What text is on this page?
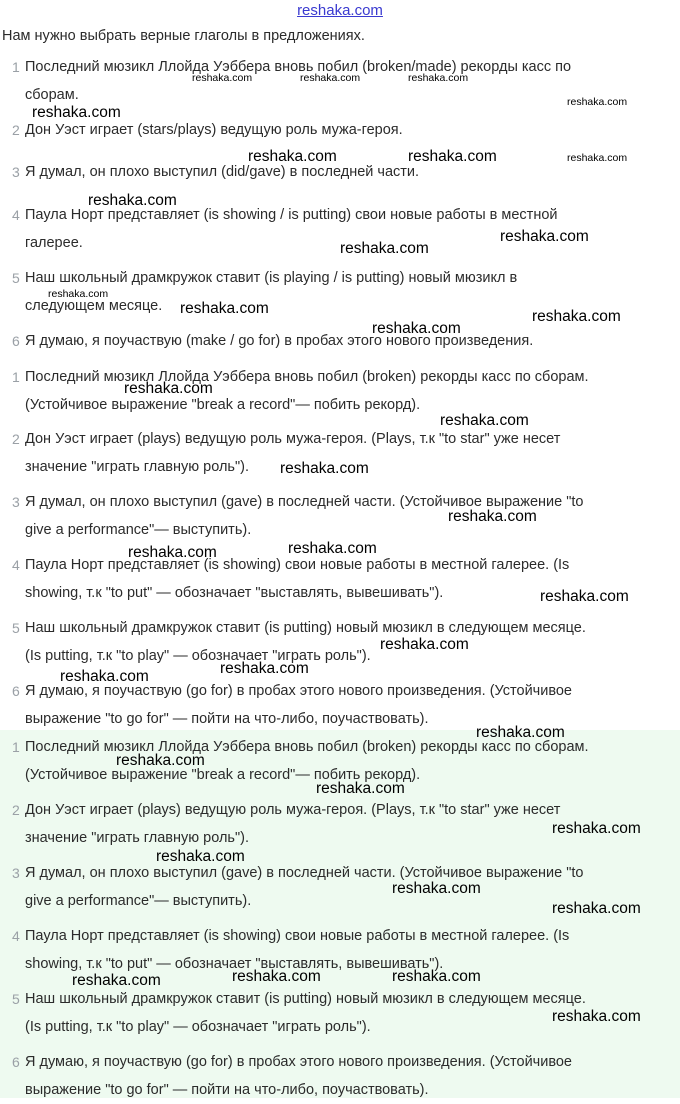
reshaka.com
Нам нужно выбрать верные глаголы в предложениях.
1 Последний мюзикл Ллойда Уэббера вновь побил (broken/made) рекорды касс по
сборам.
2 Дон Уэст играет (stars/plays) ведущую роль мужа-героя.
3 Я думал, он плохо выступил (did/gave) в последней части.
4 Паула Норт представляет (is showing / is putting) свои новые работы в местной
галерее.
5 Наш школьный драмкружок ставит (is playing / is putting) новый мюзикл в
следующем месяце.
6 Я думаю, я поучаствую (make / go for) в пробах этого нового произведения.
1 Последний мюзикл Ллойда Уэббера вновь побил (broken) рекорды касс по сборам.
(Устойчивое выражение "break a record"— побить рекорд).
2 Дон Уэст играет (plays) ведущую роль мужа-героя. (Plays, т.к "to star" уже несет
значение "играть главную роль").
3 Я думал, он плохо выступил (gave) в последней части. (Устойчивое выражение "to
give a performance"— выступить).
4 Паула Норт представляет (is showing) свои новые работы в местной галерее. (Is
showing, т.к "to put" — обозначает "выставлять, вывешивать").
5 Наш школьный драмкружок ставит (is putting) новый мюзикл в следующем месяце.
(Is putting, т.к "to play" — обозначает "играть роль").
6 Я думаю, я поучаствую (go for) в пробах этого нового произведения. (Устойчивое
выражение "to go for" — пойти на что-либо, поучаствовать).
1 Последний мюзикл Ллойда Уэббера вновь побил (broken) рекорды касс по сборам.
(Устойчивое выражение "break a record"— побить рекорд).
2 Дон Уэст играет (plays) ведущую роль мужа-героя. (Plays, т.к "to star" уже несет
значение "играть главную роль").
3 Я думал, он плохо выступил (gave) в последней части. (Устойчивое выражение "to
give a performance"— выступить).
4 Паула Норт представляет (is showing) свои новые работы в местной галерее. (Is
showing, т.к "to put" — обозначает "выставлять, вывешивать").
5 Наш школьный драмкружок ставит (is putting) новый мюзикл в следующем месяце.
(Is putting, т.к "to play" — обозначает "играть роль").
6 Я думаю, я поучаствую (go for) в пробах этого нового произведения. (Устойчивое
выражение "to go for" — пойти на что-либо, поучаствовать).
reshaka.com	reshaka.com	reshaka.com
reshaka.com
reshaka.com
reshaka.com	reshaka.com	reshaka.com
reshaka.com
reshaka.com
reshaka.com
reshaka.com
reshaka.com	reshaka.com
reshaka.com
reshaka.com
reshaka.com
reshaka.com
reshaka.com
reshaka.com
reshaka.com
reshaka.com
reshaka.com
reshaka.com
reshaka.com
reshaka.com
reshaka.com
reshaka.com
reshaka.com
reshaka.com
reshaka.com
reshaka.com
reshaka.com	reshaka.com
reshaka.com
reshaka.com
